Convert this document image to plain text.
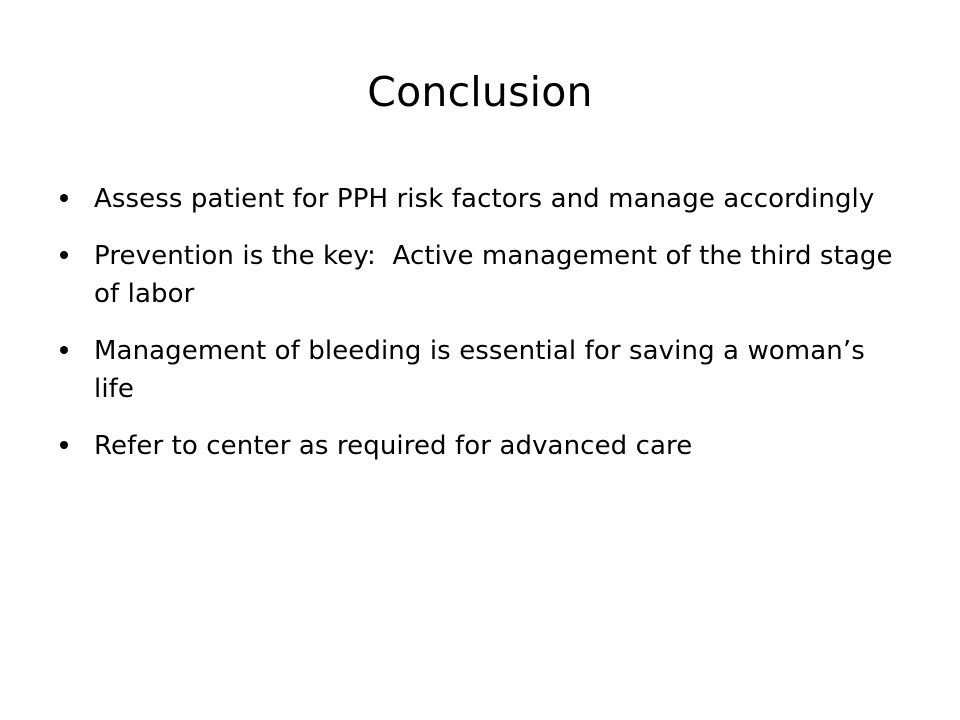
Conclusion
Assess patient for PPH risk factors and manage accordingly
Prevention is the key:  Active management of the third stage of labor
Management of bleeding is essential for saving a woman’s life
Refer to center as required for advanced care
